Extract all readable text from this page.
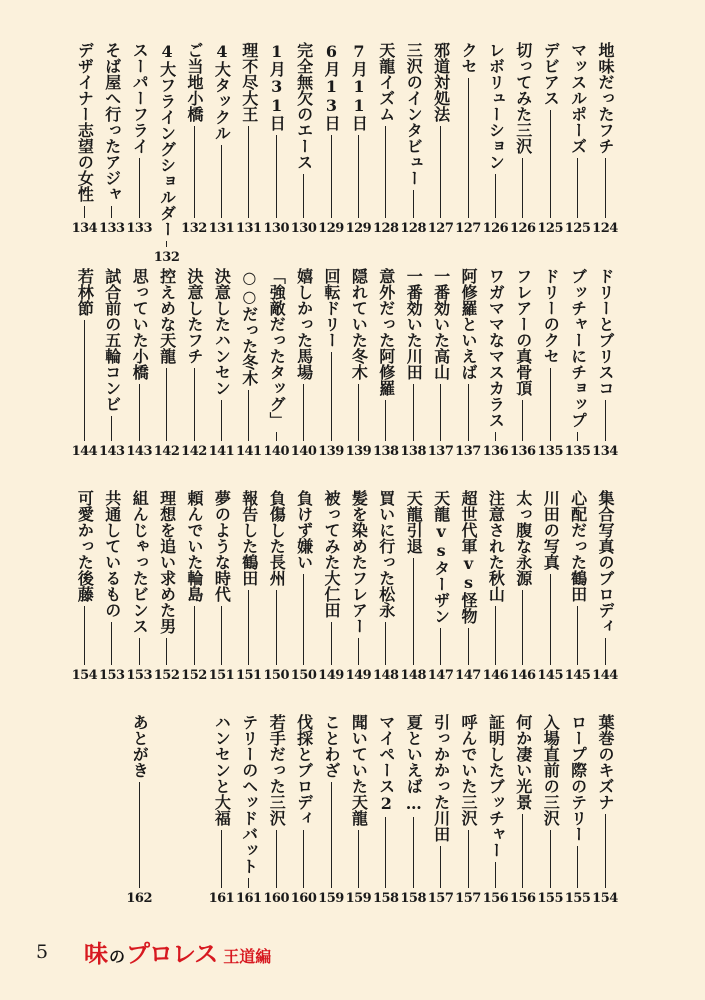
地味だったフチ
124
マッスルポーズ
125
デビアス
125
切ってみた三沢
126
レボリューション
126
クセ
127
邪道対処法
127
三沢のインタビュー
128
天龍イズム
128
7月11日
129
6月13日
129
完全無欠のエース
130
1月31日
130
理不尽大王
131
4大タックル
131
ご当地小橋
132
4大フライングショルダー
132
スーパーフライ
133
そば屋へ行ったアジャ
133
デザイナー志望の女性
134
ドリーとブリスコ
134
ブッチャーにチョップ
135
ドリーのクセ
135
フレアーの真骨頂
136
ワガママなマスカラス
136
阿修羅といえば
137
一番効いた高山
137
一番効いた川田
138
意外だった阿修羅
138
隠れていた冬木
139
回転ドリー
139
嬉しかった馬場
140
「強敵だったタッグ」
140
○○だった冬木
141
決意したハンセン
141
決意したフチ
142
控えめな天龍
142
思っていた小橋
143
試合前の五輪コンビ
143
若林節
144
集合写真のブロディ
144
心配だった鶴田
145
川田の写真
145
太っ腹な永源
146
注意された秋山
146
超世代軍vs怪物
147
天龍vsターザン
147
天龍引退
148
買いに行った松永
148
髪を染めたフレアー
149
被ってみた大仁田
149
負けず嫌い
150
負傷した長州
150
報告した鶴田
151
夢のような時代
151
頼んでいた輪島
152
理想を追い求めた男
152
組んじゃったビンス
153
共通しているもの
153
可愛かった後藤
154
葉巻のキズナ
154
ロープ際のテリー
155
入場直前の三沢
155
何か凄い光景
156
証明したブッチャー
156
呼んでいた三沢
157
引っかかった川田
157
夏といえば…
158
マイペース2
158
聞いていた天龍
159
ことわざ
159
伐採とブロディ
160
若手だった三沢
160
テリーのヘッドバット
161
ハンセンと大福
161
あとがき
162
5 味 の プロレス 王道編
